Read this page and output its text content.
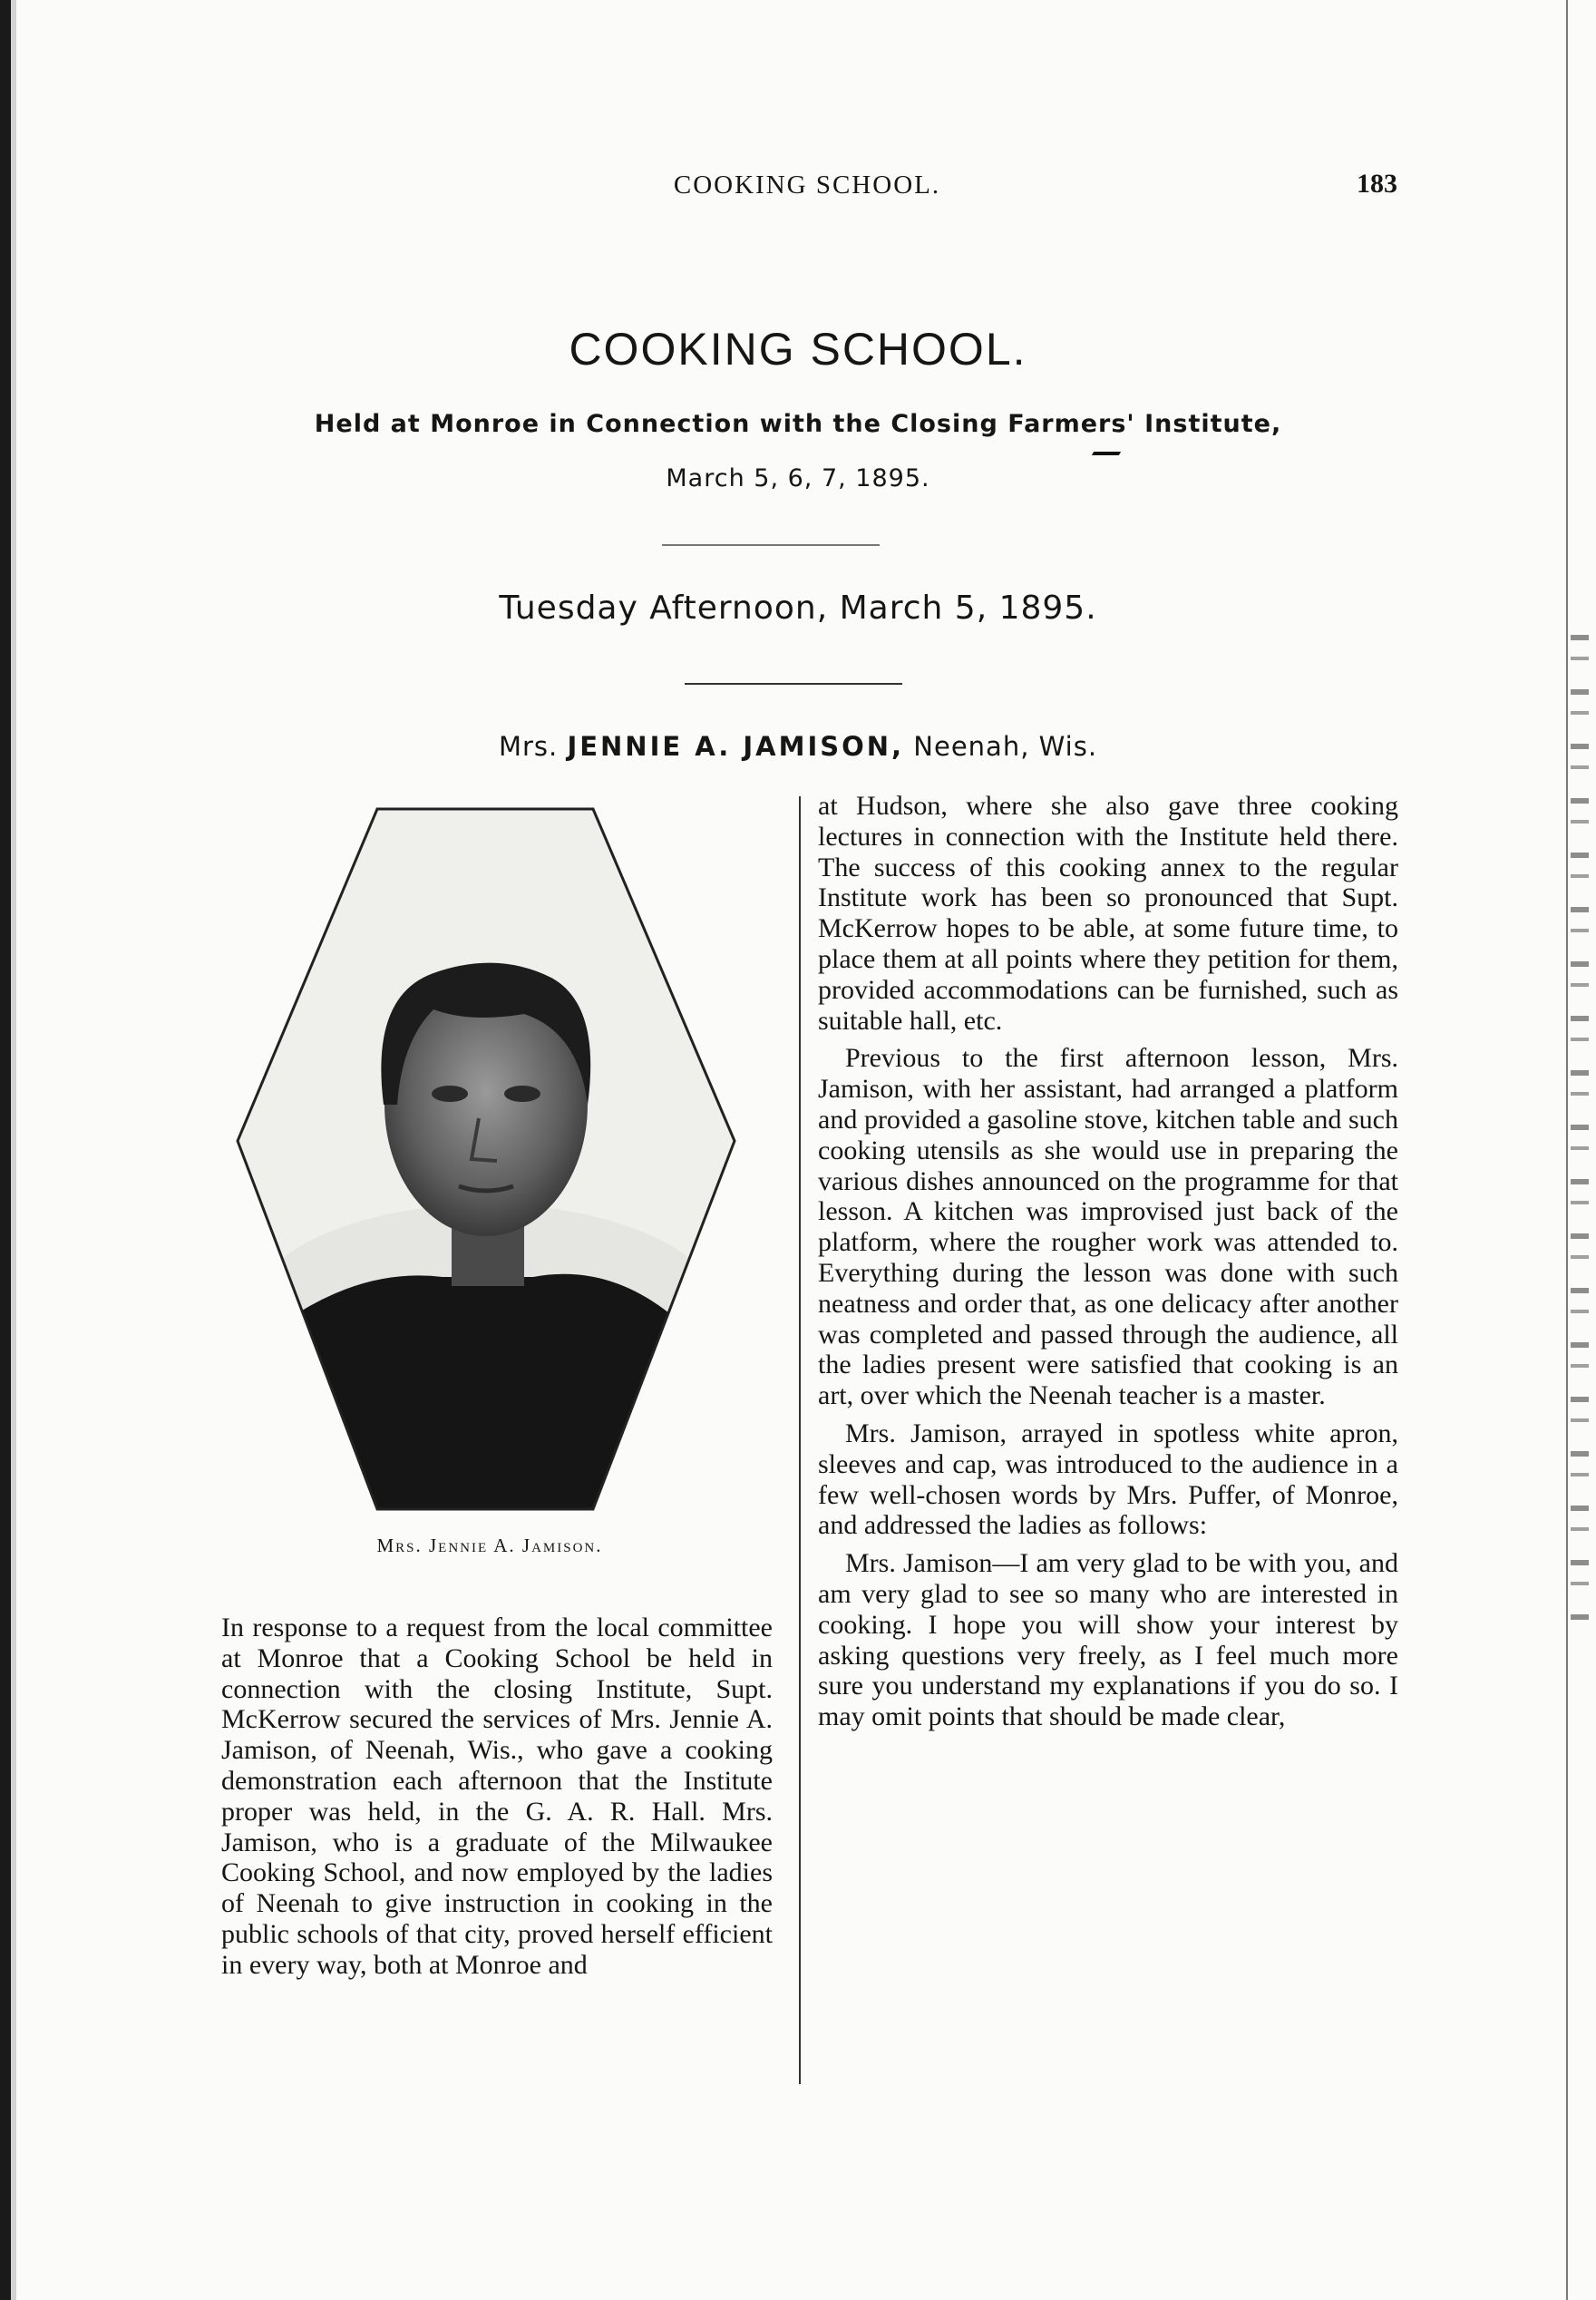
COOKING SCHOOL.	183
COOKING SCHOOL.
Held at Monroe in Connection with the Closing Farmers' Institute,
March 5, 6, 7, 1895.
Tuesday Afternoon, March 5, 1895.
Mrs. JENNIE A. JAMISON, Neenah, Wis.
Mrs. Jennie A. Jamison.

In response to a request from the local committee at Monroe that a Cooking School be held in connection with the closing Institute, Supt. McKerrow secured the services of Mrs. Jennie A. Jamison, of Neenah, Wis., who gave a cooking demonstration each afternoon that the Institute proper was held, in the G. A. R. Hall. Mrs. Jamison, who is a graduate of the Milwaukee Cooking School, and now employed by the ladies of Neenah to give instruction in cooking in the public schools of that city, proved herself efficient in every way, both at Monroe and

at Hudson, where she also gave three cooking lectures in connection with the Institute held there. The success of this cooking annex to the regular Institute work has been so pronounced that Supt. McKerrow hopes to be able, at some future time, to place them at all points where they petition for them, provided accommodations can be furnished, such as suitable hall, etc.

Previous to the first afternoon lesson, Mrs. Jamison, with her assistant, had arranged a platform and provided a gasoline stove, kitchen table and such cooking utensils as she would use in preparing the various dishes announced on the programme for that lesson. A kitchen was improvised just back of the platform, where the rougher work was attended to. Everything during the lesson was done with such neatness and order that, as one delicacy after another was completed and passed through the audience, all the ladies present were satisfied that cooking is an art, over which the Neenah teacher is a master.

Mrs. Jamison, arrayed in spotless white apron, sleeves and cap, was introduced to the audience in a few well-chosen words by Mrs. Puffer, of Monroe, and addressed the ladies as follows:

Mrs. Jamison—I am very glad to be with you, and am very glad to see so many who are interested in cooking. I hope you will show your interest by asking questions very freely, as I feel much more sure you understand my explanations if you do so. I may omit points that should be made clear,
